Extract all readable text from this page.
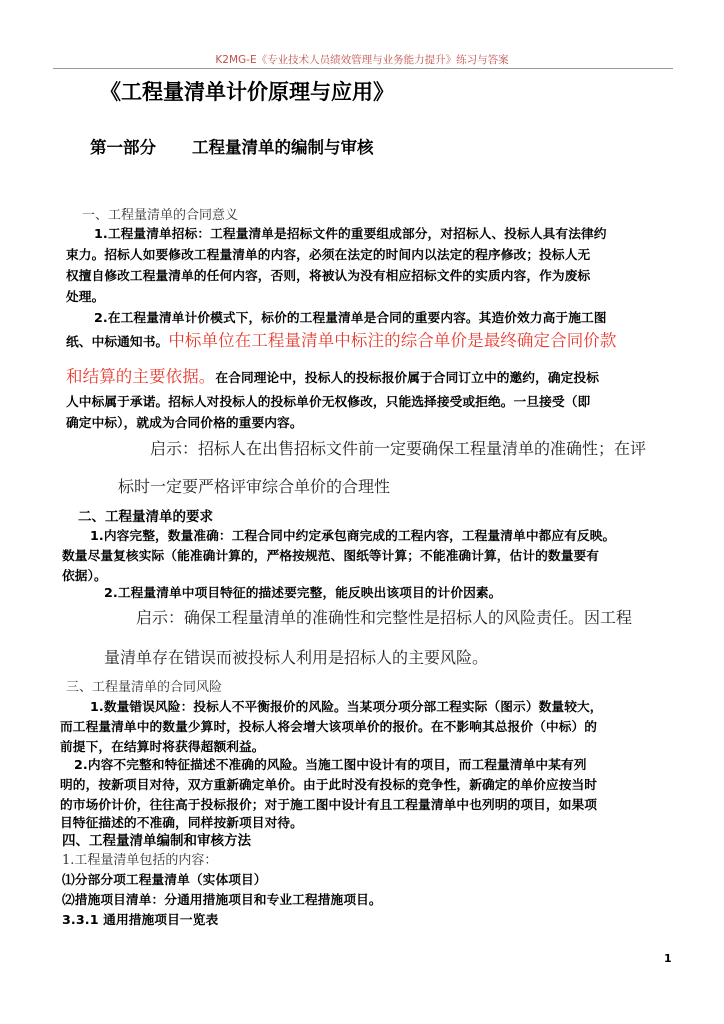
K2MG-E《专业技术人员绩效管理与业务能力提升》练习与答案
《工程量清单计价原理与应用》
第一部分 工程量清单的编制与审核
一、工程量清单的合同意义
1.工程量清单招标：工程量清单是招标文件的重要组成部分，对招标人、投标人具有法律约
束力。招标人如要修改工程量清单的内容，必须在法定的时间内以法定的程序修改；投标人无
权擅自修改工程量清单的任何内容，否则，将被认为没有相应招标文件的实质内容，作为废标
处理。
2.在工程量清单计价模式下，标价的工程量清单是合同的重要内容。其造价效力高于施工图
纸、中标通知书。中标单位在工程量清单中标注的综合单价是最终确定合同价款
和结算的主要依据。在合同理论中，投标人的投标报价属于合同订立中的邀约，确定投标
人中标属于承诺。招标人对投标人的投标单价无权修改，只能选择接受或拒绝。一旦接受（即
确定中标），就成为合同价格的重要内容。
启示：招标人在出售招标文件前一定要确保工程量清单的准确性；在评
标时一定要严格评审综合单价的合理性
二、工程量清单的要求
1.内容完整，数量准确：工程合同中约定承包商完成的工程内容，工程量清单中都应有反映。
数量尽量复核实际（能准确计算的，严格按规范、图纸等计算；不能准确计算，估计的数量要有
依据）。
2.工程量清单中项目特征的描述要完整，能反映出该项目的计价因素。
启示：确保工程量清单的准确性和完整性是招标人的风险责任。因工程
量清单存在错误而被投标人利用是招标人的主要风险。
三、工程量清单的合同风险
1.数量错误风险：投标人不平衡报价的风险。当某项分项分部工程实际（图示）数量较大，
而工程量清单中的数量少算时，投标人将会增大该项单价的报价。在不影响其总报价（中标）的
前提下，在结算时将获得超额利益。
2.内容不完整和特征描述不准确的风险。当施工图中设计有的项目，而工程量清单中某有列
明的，按新项目对待，双方重新确定单价。由于此时没有投标的竞争性，新确定的单价应按当时
的市场价计价，往往高于投标报价；对于施工图中设计有且工程量清单中也列明的项目，如果项
目特征描述的不准确，同样按新项目对待。
四、工程量清单编制和审核方法
1.工程量清单包括的内容：
⑴分部分项工程量清单（实体项目）
⑵措施项目清单：分通用措施项目和专业工程措施项目。
3.3.1 通用措施项目一览表
1
